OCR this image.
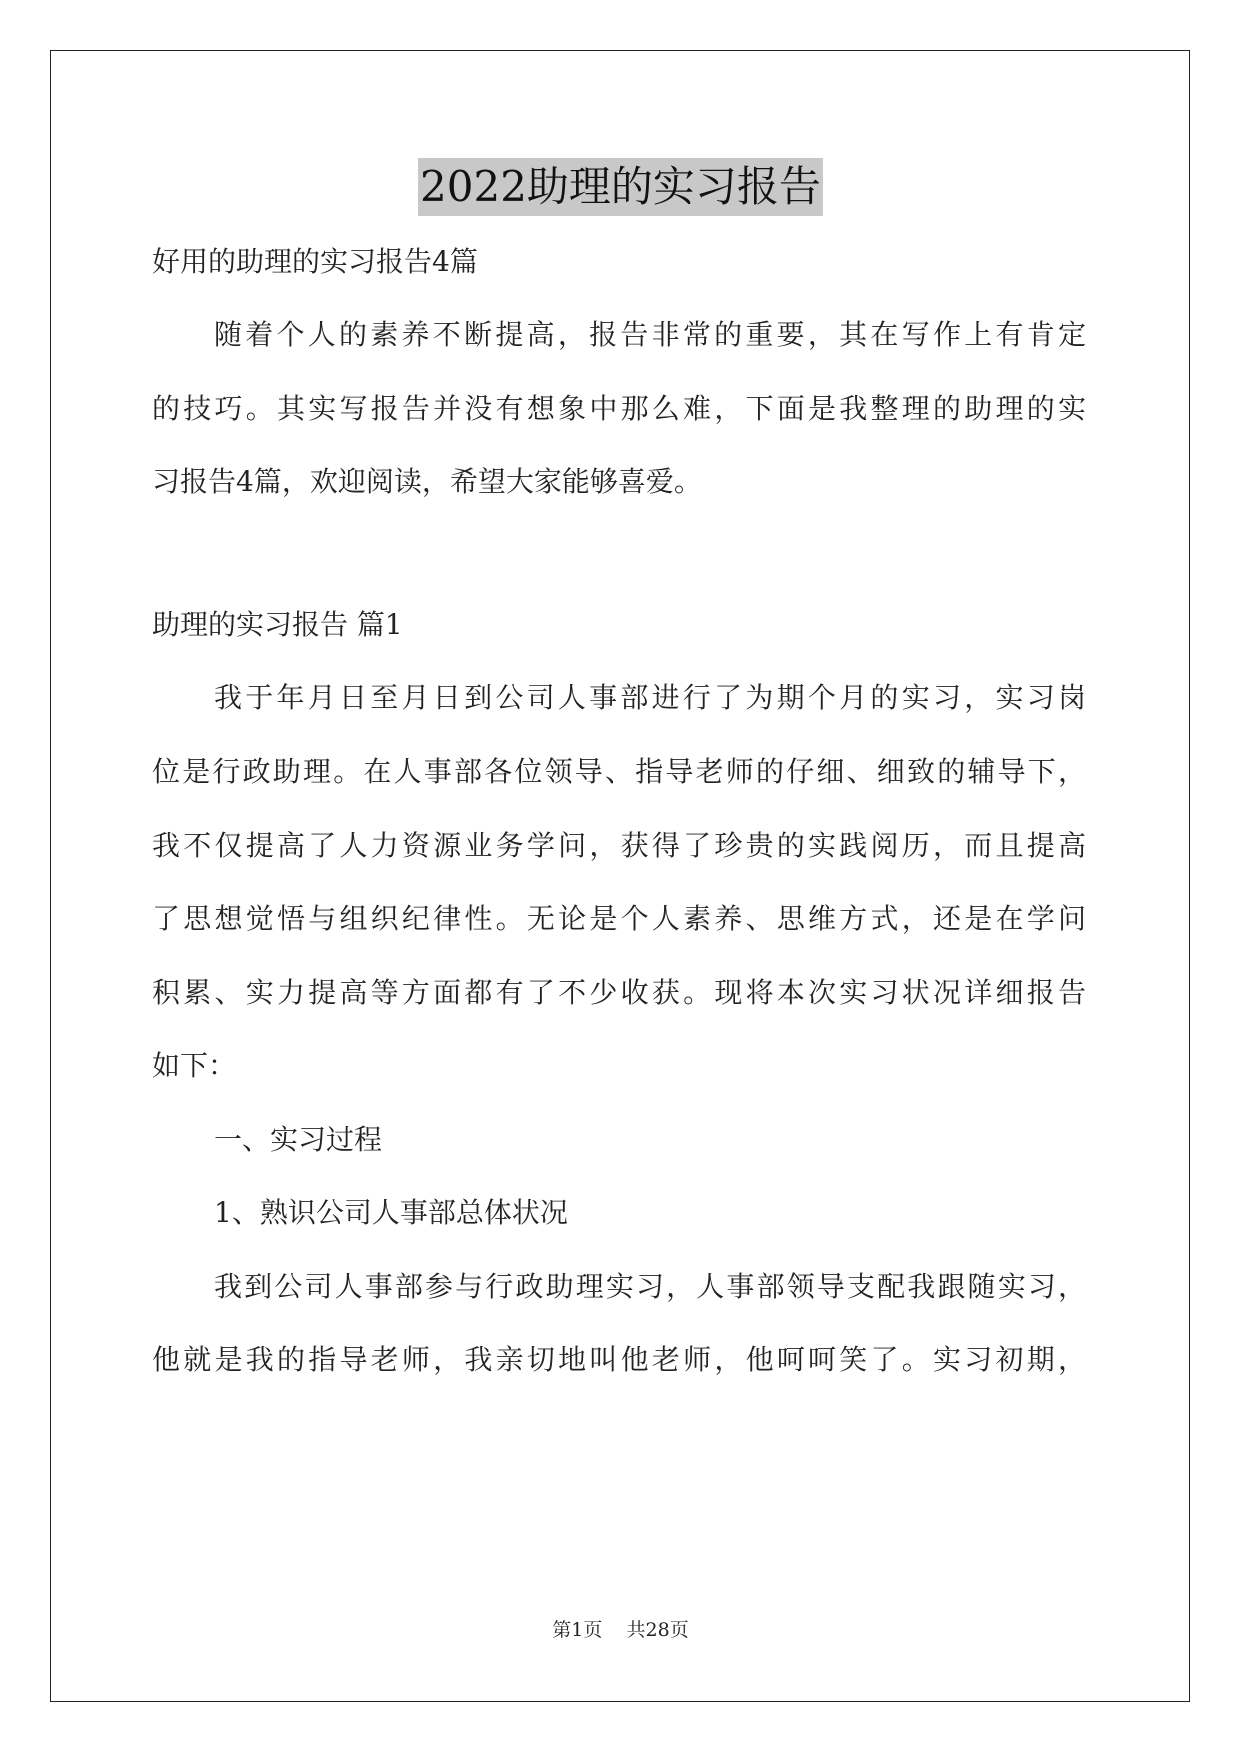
2022助理的实习报告
好用的助理的实习报告4篇
随着个人的素养不断提高，报告非常的重要，其在写作上有肯定
的技巧。其实写报告并没有想象中那么难，下面是我整理的助理的实
习报告4篇，欢迎阅读，希望大家能够喜爱。
助理的实习报告 篇1
我于年月日至月日到公司人事部进行了为期个月的实习，实习岗
位是行政助理。在人事部各位领导、指导老师的仔细、细致的辅导下，
我不仅提高了人力资源业务学问，获得了珍贵的实践阅历，而且提高
了思想觉悟与组织纪律性。无论是个人素养、思维方式，还是在学问
积累、实力提高等方面都有了不少收获。现将本次实习状况详细报告
如下：
一、实习过程
1、熟识公司人事部总体状况
我到公司人事部参与行政助理实习，人事部领导支配我跟随实习，
他就是我的指导老师，我亲切地叫他老师，他呵呵笑了。实习初期，
第1页    共28页
